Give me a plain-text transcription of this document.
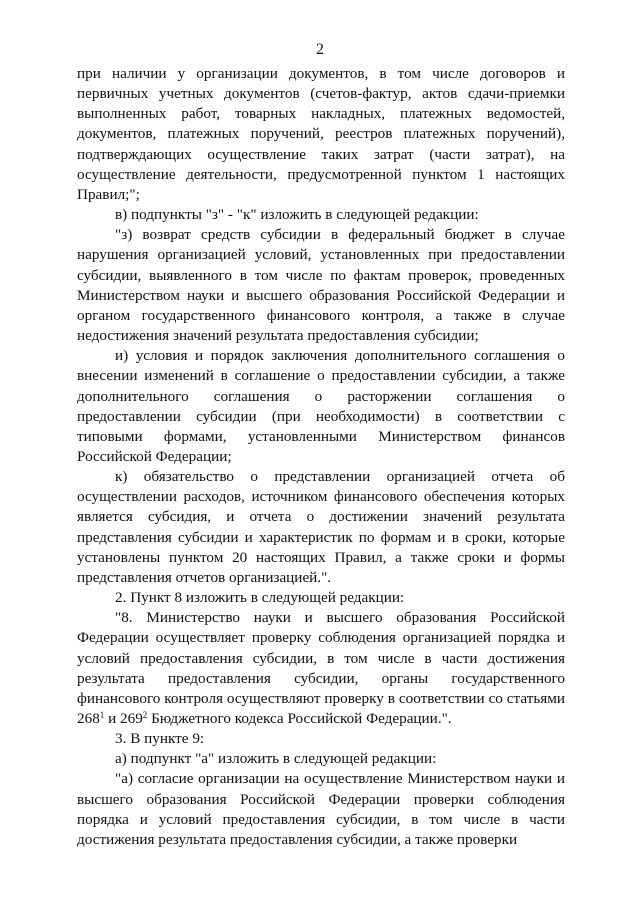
2

при наличии у организации документов, в том числе договоров и первичных учетных документов (счетов-фактур, актов сдачи-приемки выполненных работ, товарных накладных, платежных ведомостей, документов, платежных поручений, реестров платежных поручений), подтверждающих осуществление таких затрат (части затрат), на осуществление деятельности, предусмотренной пунктом 1 настоящих Правил;";

в) подпункты "з" - "к" изложить в следующей редакции:

"з) возврат средств субсидии в федеральный бюджет в случае нарушения организацией условий, установленных при предоставлении субсидии, выявленного в том числе по фактам проверок, проведенных Министерством науки и высшего образования Российской Федерации и органом государственного финансового контроля, а также в случае недостижения значений результата предоставления субсидии;

и) условия и порядок заключения дополнительного соглашения о внесении изменений в соглашение о предоставлении субсидии, а также дополнительного соглашения о расторжении соглашения о предоставлении субсидии (при необходимости) в соответствии с типовыми формами, установленными Министерством финансов Российской Федерации;

к) обязательство о представлении организацией отчета об осуществлении расходов, источником финансового обеспечения которых является субсидия, и отчета о достижении значений результата представления субсидии и характеристик по формам и в сроки, которые установлены пунктом 20 настоящих Правил, а также сроки и формы представления отчетов организацией.".

2. Пункт 8 изложить в следующей редакции:

"8. Министерство науки и высшего образования Российской Федерации осуществляет проверку соблюдения организацией порядка и условий предоставления субсидии, в том числе в части достижения результата предоставления субсидии, органы государственного финансового контроля осуществляют проверку в соответствии со статьями $268^1$ и $269^2$ Бюджетного кодекса Российской Федерации.".

3. В пункте 9:

а) подпункт "а" изложить в следующей редакции:

"а) согласие организации на осуществление Министерством науки и высшего образования Российской Федерации проверки соблюдения порядка и условий предоставления субсидии, в том числе в части достижения результата предоставления субсидии, а также проверки
